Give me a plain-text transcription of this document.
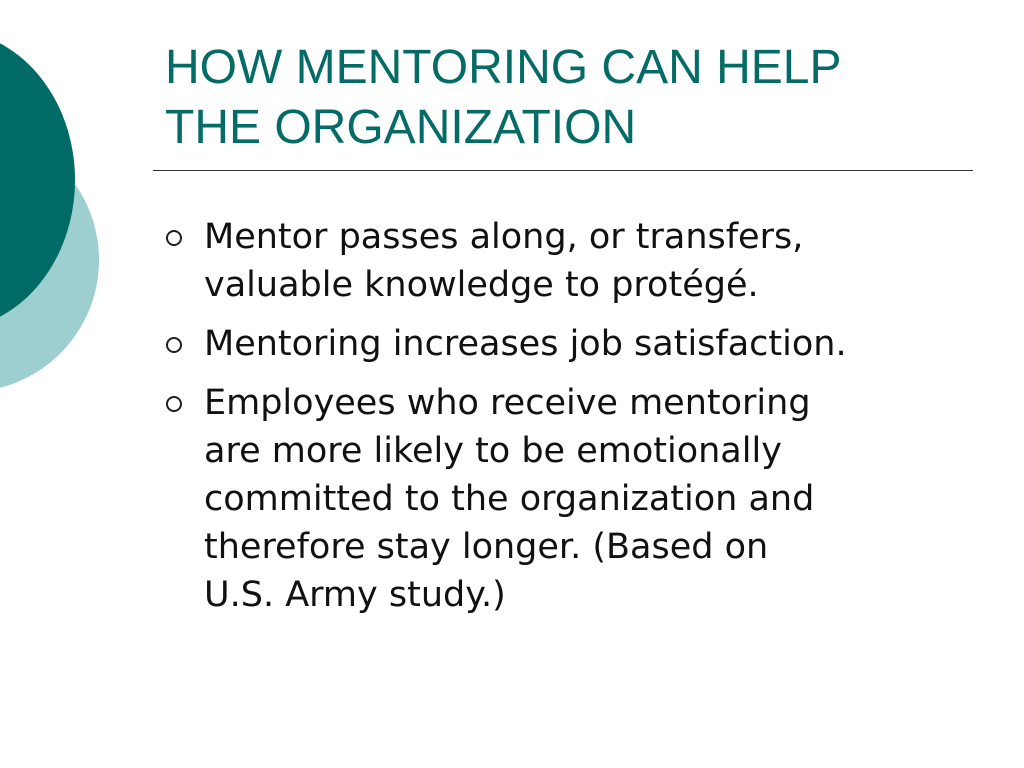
HOW MENTORING CAN HELP
THE ORGANIZATION
Mentor passes along, or transfers,
valuable knowledge to protégé.
Mentoring increases job satisfaction.
Employees who receive mentoring
are more likely to be emotionally
committed to the organization and
therefore stay longer. (Based on
U.S. Army study.)
